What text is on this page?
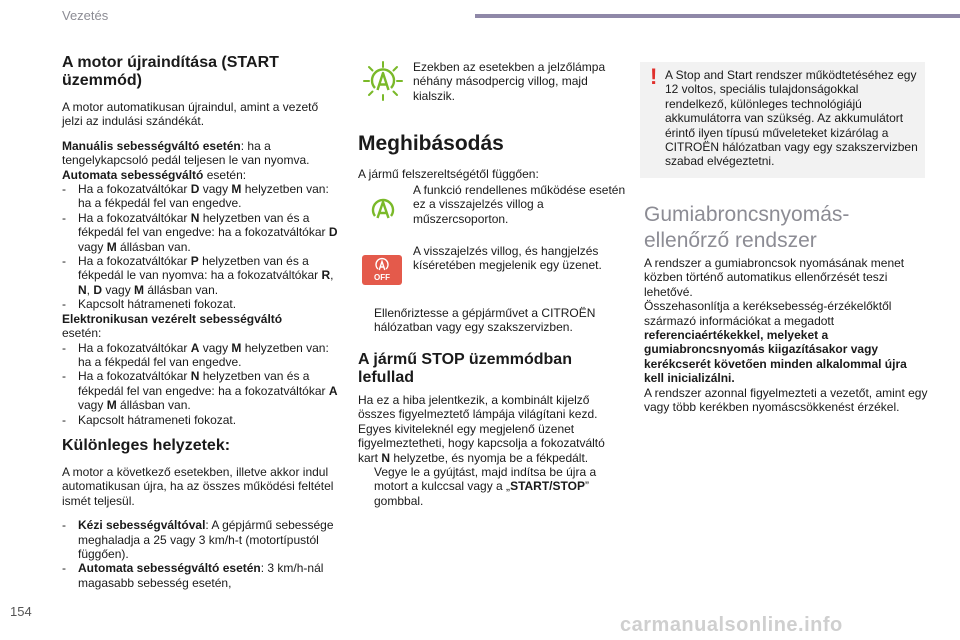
Vezetés
A motor újraindítása (START üzemmód)

A motor automatikusan újraindul, amint a vezető jelzi az indulási szándékát.

Manuális sebességváltó esetén: ha a tengelykapcsoló pedál teljesen le van nyomva.

Automata sebességváltó esetén:

-	Ha a fokozatváltókar D vagy M helyzetben van: ha a fékpedál fel van engedve.
-	Ha a fokozatváltókar N helyzetben van és a fékpedál fel van engedve: ha a fokozatváltókar D vagy M állásban van.
-	Ha a fokozatváltókar P helyzetben van és a fékpedál le van nyomva: ha a fokozatváltókar R, N, D vagy M állásban van.
-	Kapcsolt hátrameneti fokozat.
Elektronikusan vezérelt sebességváltó
esetén:
-	Ha a fokozatváltókar A vagy M helyzetben van: ha a fékpedál fel van engedve.
-	Ha a fokozatváltókar N helyzetben van és a fékpedál fel van engedve: ha a fokozatváltókar A vagy M állásban van.
-	Kapcsolt hátrameneti fokozat.
Különleges helyzetek:

A motor a következő esetekben, illetve akkor indul automatikusan újra, ha az összes működési feltétel ismét teljesül.

-	Kézi sebességváltóval: A gépjármű sebessége meghaladja a 25 vagy 3 km/h-t (motortípustól függően).
-	Automata sebességváltó esetén: 3 km/h-nál magasabb sebesség esetén,
Ezekben az esetekben a jelzőlámpa néhány másodpercig villog, majd kialszik.
Meghibásodás
A jármű felszereltségétől függően:
A funkció rendellenes működése esetén ez a visszajelzés villog a műszercsoporton.
OFF
A visszajelzés villog, és hangjelzés kíséretében megjelenik egy üzenet.
Ellenőriztesse a gépjárművet a CITROËN hálózatban vagy egy szakszervizben.
A jármű STOP üzemmódban lefullad
Ha ez a hiba jelentkezik, a kombinált kijelző összes figyelmeztető lámpája világítani kezd. Egyes kiviteleknél egy megjelenő üzenet figyelmeztetheti, hogy kapcsolja a fokozatváltó kart N helyzetbe, és nyomja be a fékpedált.
Vegye le a gyújtást, majd indítsa be újra a motort a kulccsal vagy a „START/STOP” gombbal.
! A Stop and Start rendszer működtetéséhez egy 12 voltos, speciális tulajdonságokkal rendelkező, különleges technológiájú akkumulátorra van szükség. Az akkumulátort érintő ilyen típusú műveleteket kizárólag a CITROËN hálózatban vagy egy szakszervizben szabad elvégeztetni.
Gumiabroncsnyomás-ellenőrző rendszer
A rendszer a gumiabroncsok nyomásának menet közben történő automatikus ellenőrzését teszi lehetővé.
Összehasonlítja a keréksebesség-érzékelőktől származó információkat a megadott referenciaértékekkel, melyeket a gumiabroncsnyomás kiigazításakor vagy kerékcserét követően minden alkalommal újra kell inicializálni.
A rendszer azonnal figyelmezteti a vezetőt, amint egy vagy több kerékben nyomáscsökkenést érzékel.
154
carmanualsonline.info
